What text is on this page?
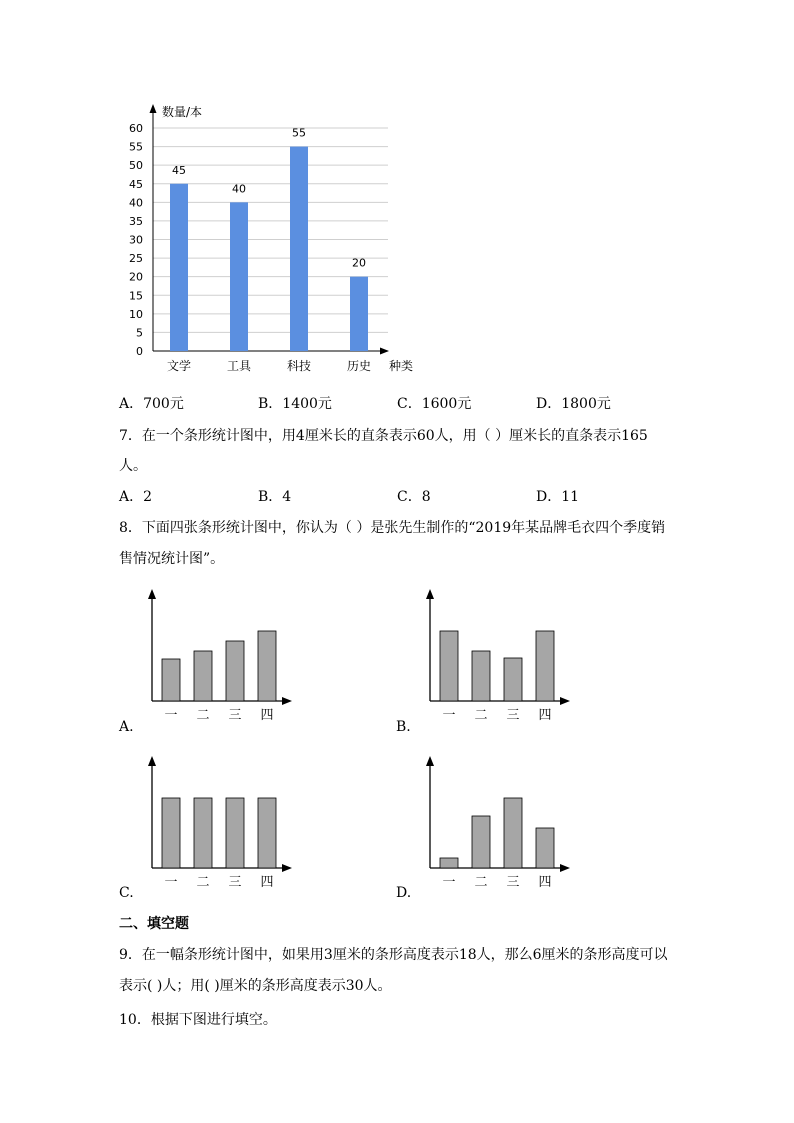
0
5
10
15
20
25
30
35
40
45
50
55
60
数量/本
种类
45
文学
40
工具
55
科技
20
历史
A．700元	B．1400元	C．1600元	D．1800元
7．在一个条形统计图中，用4厘米长的直条表示60人，用（ ）厘米长的直条表示165
人。
A．2	B．4	C．8	D．11
8．下面四张条形统计图中，你认为（ ）是张先生制作的“2019年某品牌毛衣四个季度销
售情况统计图”。
一 二 三 四	一 二 三 四
一 二 三 四	一 二 三 四
A.	B.
C.	D.
二、填空题
9．在一幅条形统计图中，如果用3厘米的条形高度表示18人，那么6厘米的条形高度可以
表示( )人；用( )厘米的条形高度表示30人。
10．根据下图进行填空。
